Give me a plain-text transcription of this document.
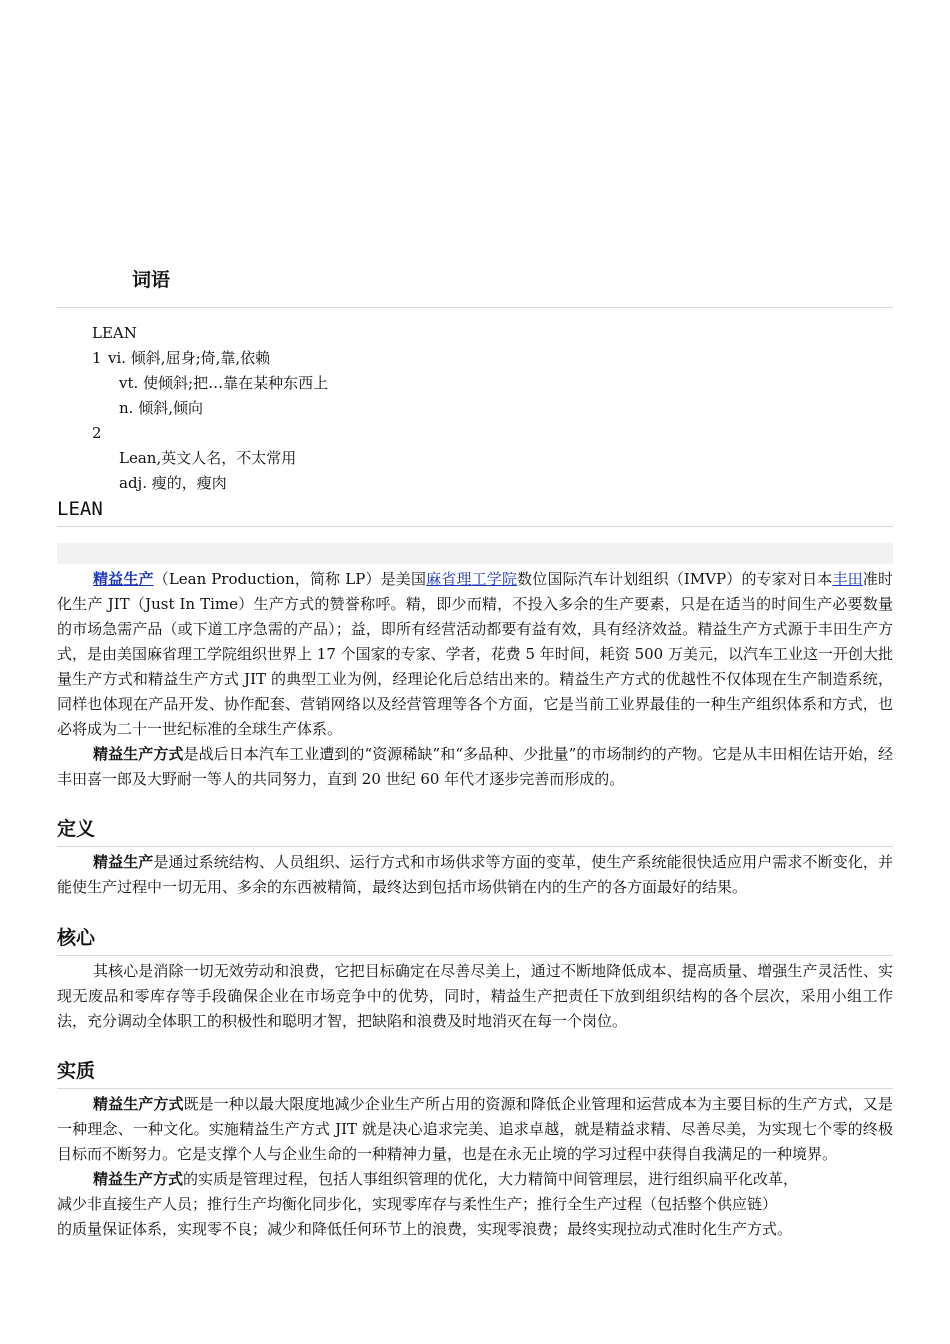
词语
LEAN
1 vi. 倾斜,屈身;倚,靠,依赖
vt. 使倾斜;把…靠在某种东西上
n. 倾斜,倾向
2
Lean,英文人名，不太常用
adj. 瘦的，瘦肉
LEAN

精益生产（Lean Production，简称 LP）是美国麻省理工学院数位国际汽车计划组织（IMVP）的专家对日本丰田准时化生产 JIT（Just In Time）生产方式的赞誉称呼。精，即少而精，不投入多余的生产要素，只是在适当的时间生产必要数量的市场急需产品（或下道工序急需的产品）；益，即所有经营活动都要有益有效，具有经济效益。精益生产方式源于丰田生产方式，是由美国麻省理工学院组织世界上 17 个国家的专家、学者，花费 5 年时间，耗资 500 万美元，以汽车工业这一开创大批量生产方式和精益生产方式 JIT 的典型工业为例，经理论化后总结出来的。精益生产方式的优越性不仅体现在生产制造系统，同样也体现在产品开发、协作配套、营销网络以及经营管理等各个方面，它是当前工业界最佳的一种生产组织体系和方式，也必将成为二十一世纪标准的全球生产体系。

精益生产方式是战后日本汽车工业遭到的“资源稀缺”和“多品种、少批量”的市场制约的产物。它是从丰田相佐诘开始，经丰田喜一郎及大野耐一等人的共同努力，直到 20 世纪 60 年代才逐步完善而形成的。

定义

精益生产是通过系统结构、人员组织、运行方式和市场供求等方面的变革，使生产系统能很快适应用户需求不断变化，并能使生产过程中一切无用、多余的东西被精简，最终达到包括市场供销在内的生产的各方面最好的结果。

核心

其核心是消除一切无效劳动和浪费，它把目标确定在尽善尽美上，通过不断地降低成本、提高质量、增强生产灵活性、实现无废品和零库存等手段确保企业在市场竞争中的优势，同时，精益生产把责任下放到组织结构的各个层次，采用小组工作法，充分调动全体职工的积极性和聪明才智，把缺陷和浪费及时地消灭在每一个岗位。

实质

精益生产方式既是一种以最大限度地减少企业生产所占用的资源和降低企业管理和运营成本为主要目标的生产方式，又是一种理念、一种文化。实施精益生产方式 JIT 就是决心追求完美、追求卓越，就是精益求精、尽善尽美，为实现七个零的终极目标而不断努力。它是支撑个人与企业生命的一种精神力量，也是在永无止境的学习过程中获得自我满足的一种境界。

精益生产方式的实质是管理过程，包括人事组织管理的优化，大力精简中间管理层，进行组织扁平化改革，
减少非直接生产人员；推行生产均衡化同步化，实现零库存与柔性生产；推行全生产过程（包括整个供应链）
的质量保证体系，实现零不良；减少和降低任何环节上的浪费，实现零浪费；最终实现拉动式准时化生产方式。
